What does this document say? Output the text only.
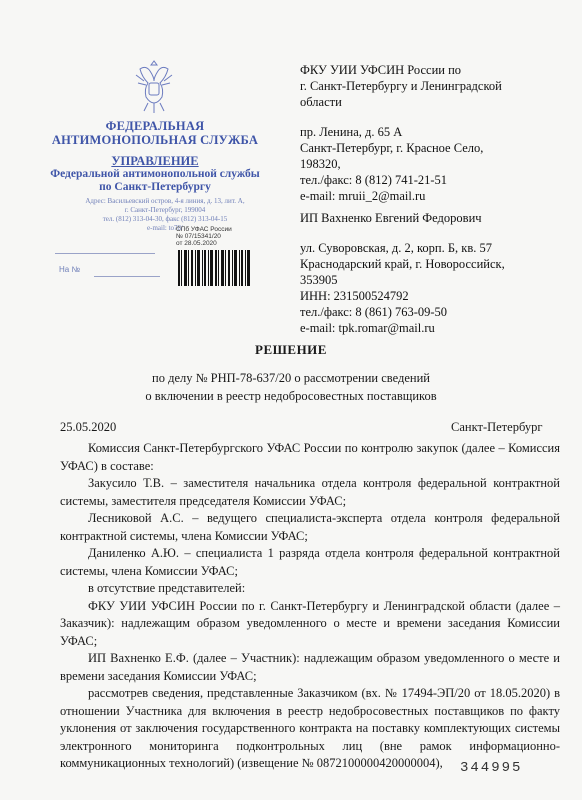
ФЕДЕРАЛЬНАЯ
АНТИМОНОПОЛЬНАЯ СЛУЖБА
УПРАВЛЕНИЕ
Федеральной антимонопольной службы
по Санкт-Петербургу
Адрес: Васильевский остров, 4-я линия, д. 13, лит. А,
г. Санкт-Петербург, 199004
тел. (812) 313-04-30, факс (812) 313-04-15
e-mail: to78/
СПб УФАС России
№ 07/15341/20
от 28.05.2020
На №
ФКУ УИИ УФСИН России по
г. Санкт-Петербургу и Ленинградской
области
пр. Ленина, д. 65 А
Санкт-Петербург, г. Красное Село,
198320,
тел./факс: 8 (812) 741-21-51
e-mail: mruii_2@mail.ru
ИП Вахненко Евгений Федорович
ул. Суворовская, д. 2, корп. Б, кв. 57
Краснодарский край, г. Новороссийск,
353905
ИНН: 231500524792
тел./факс: 8 (861) 763-09-50
e-mail: tpk.romar@mail.ru
РЕШЕНИЕ
по делу № РНП-78-637/20 о рассмотрении сведений
о включении в реестр недобросовестных поставщиков
25.05.2020	Санкт-Петербург

Комиссия Санкт-Петербургского УФАС России по контролю закупок (далее – Комиссия УФАС) в составе:

Закусило Т.В. – заместителя начальника отдела контроля федеральной контрактной системы, заместителя председателя Комиссии УФАС;

Лесниковой А.С. – ведущего специалиста-эксперта отдела контроля федеральной контрактной системы, члена Комиссии УФАС;

Даниленко А.Ю. – специалиста 1 разряда отдела контроля федеральной контрактной системы, члена Комиссии УФАС;

в отсутствие представителей:

ФКУ УИИ УФСИН России по г. Санкт-Петербургу и Ленинградской области (далее – Заказчик): надлежащим образом уведомленного о месте и времени заседания Комиссии УФАС;

ИП Вахненко Е.Ф. (далее – Участник): надлежащим образом уведомленного о месте и времени заседания Комиссии УФАС;

рассмотрев сведения, представленные Заказчиком (вх. № 17494-ЭП/20 от 18.05.2020) в отношении Участника для включения в реестр недобросовестных поставщиков по факту уклонения от заключения государственного контракта на поставку комплектующих системы электронного мониторинга подконтрольных лиц (вне рамок информационно-коммуникационных технологий) (извещение № 0872100000420000004),	344995
